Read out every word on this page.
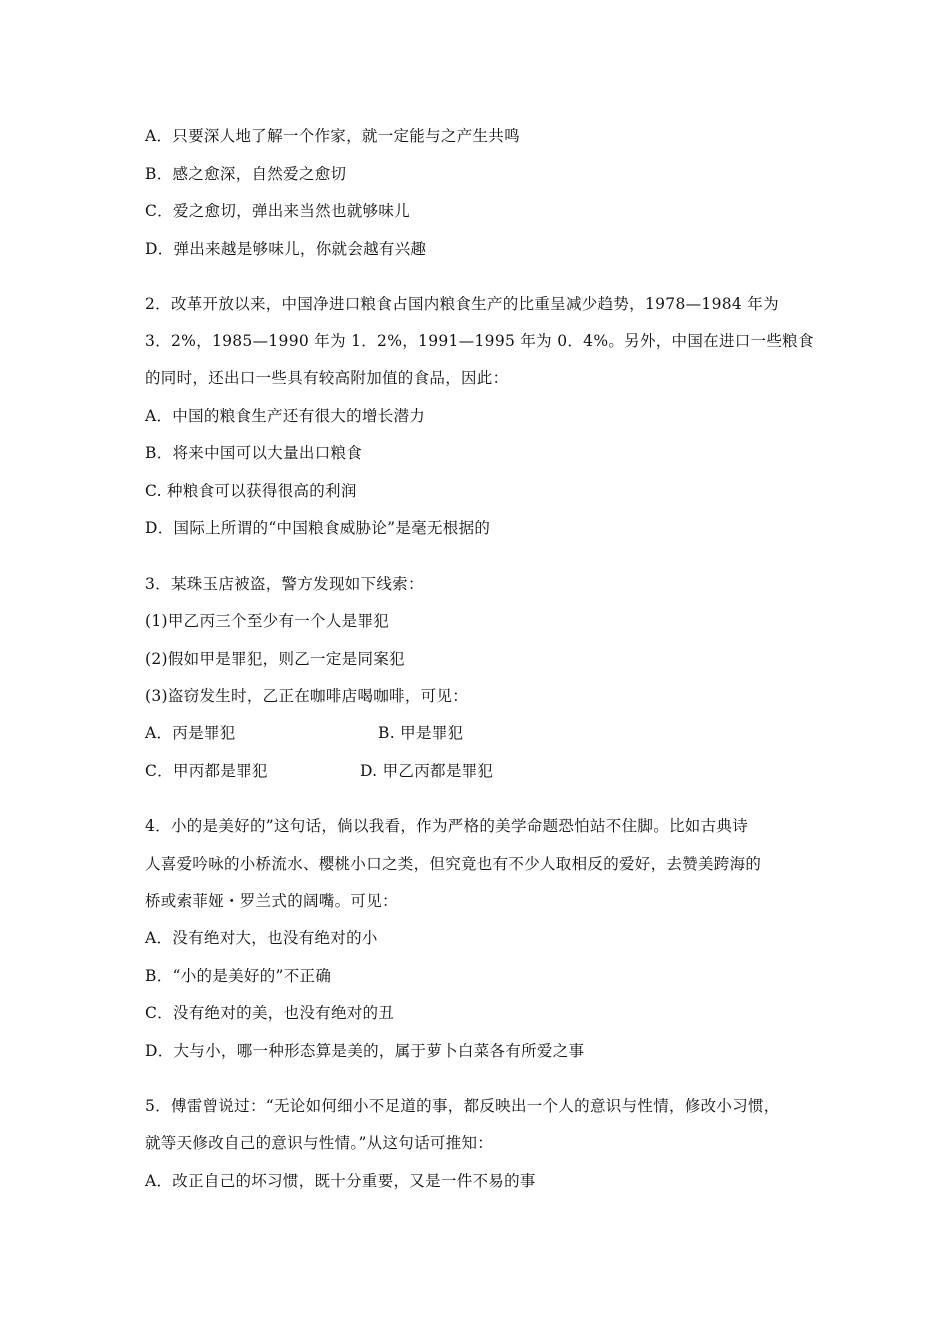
A．只要深人地了解一个作家，就一定能与之产生共鸣
B．感之愈深，自然爱之愈切
C．爱之愈切，弹出来当然也就够味儿
D．弹出来越是够味儿，你就会越有兴趣
2．改革开放以来，中国净进口粮食占国内粮食生产的比重呈减少趋势，1978—1984 年为
3．2%，1985—1990 年为 1．2%，1991—1995 年为 0．4%。另外，中国在进口一些粮食
的同时，还出口一些具有较高附加值的食品，因此：
A．中国的粮食生产还有很大的增长潜力
B．将来中国可以大量出口粮食
C. 种粮食可以获得很高的利润
D．国际上所谓的“中国粮食威胁论”是毫无根据的
3．某珠玉店被盗，警方发现如下线索：
(1)甲乙丙三个至少有一个人是罪犯
(2)假如甲是罪犯，则乙一定是同案犯
(3)盗窃发生时，乙正在咖啡店喝咖啡，可见：
A．丙是罪犯	B. 甲是罪犯
C．甲丙都是罪犯	D. 甲乙丙都是罪犯
4．小的是美好的”这句话，倘以我看，作为严格的美学命题恐怕站不住脚。比如古典诗
人喜爱吟咏的小桥流水、樱桃小口之类，但究竟也有不少人取相反的爱好，去赞美跨海的
桥或索菲娅・罗兰式的阔嘴。可见：
A．没有绝对大，也没有绝对的小
B．“小的是美好的”不正确
C．没有绝对的美，也没有绝对的丑
D．大与小，哪一种形态算是美的，属于萝卜白菜各有所爱之事
5．傅雷曾说过：“无论如何细小不足道的事，都反映出一个人的意识与性情，修改小习惯，
就等天修改自己的意识与性情。”从这句话可推知：
A．改正自己的坏习惯，既十分重要，又是一件不易的事
